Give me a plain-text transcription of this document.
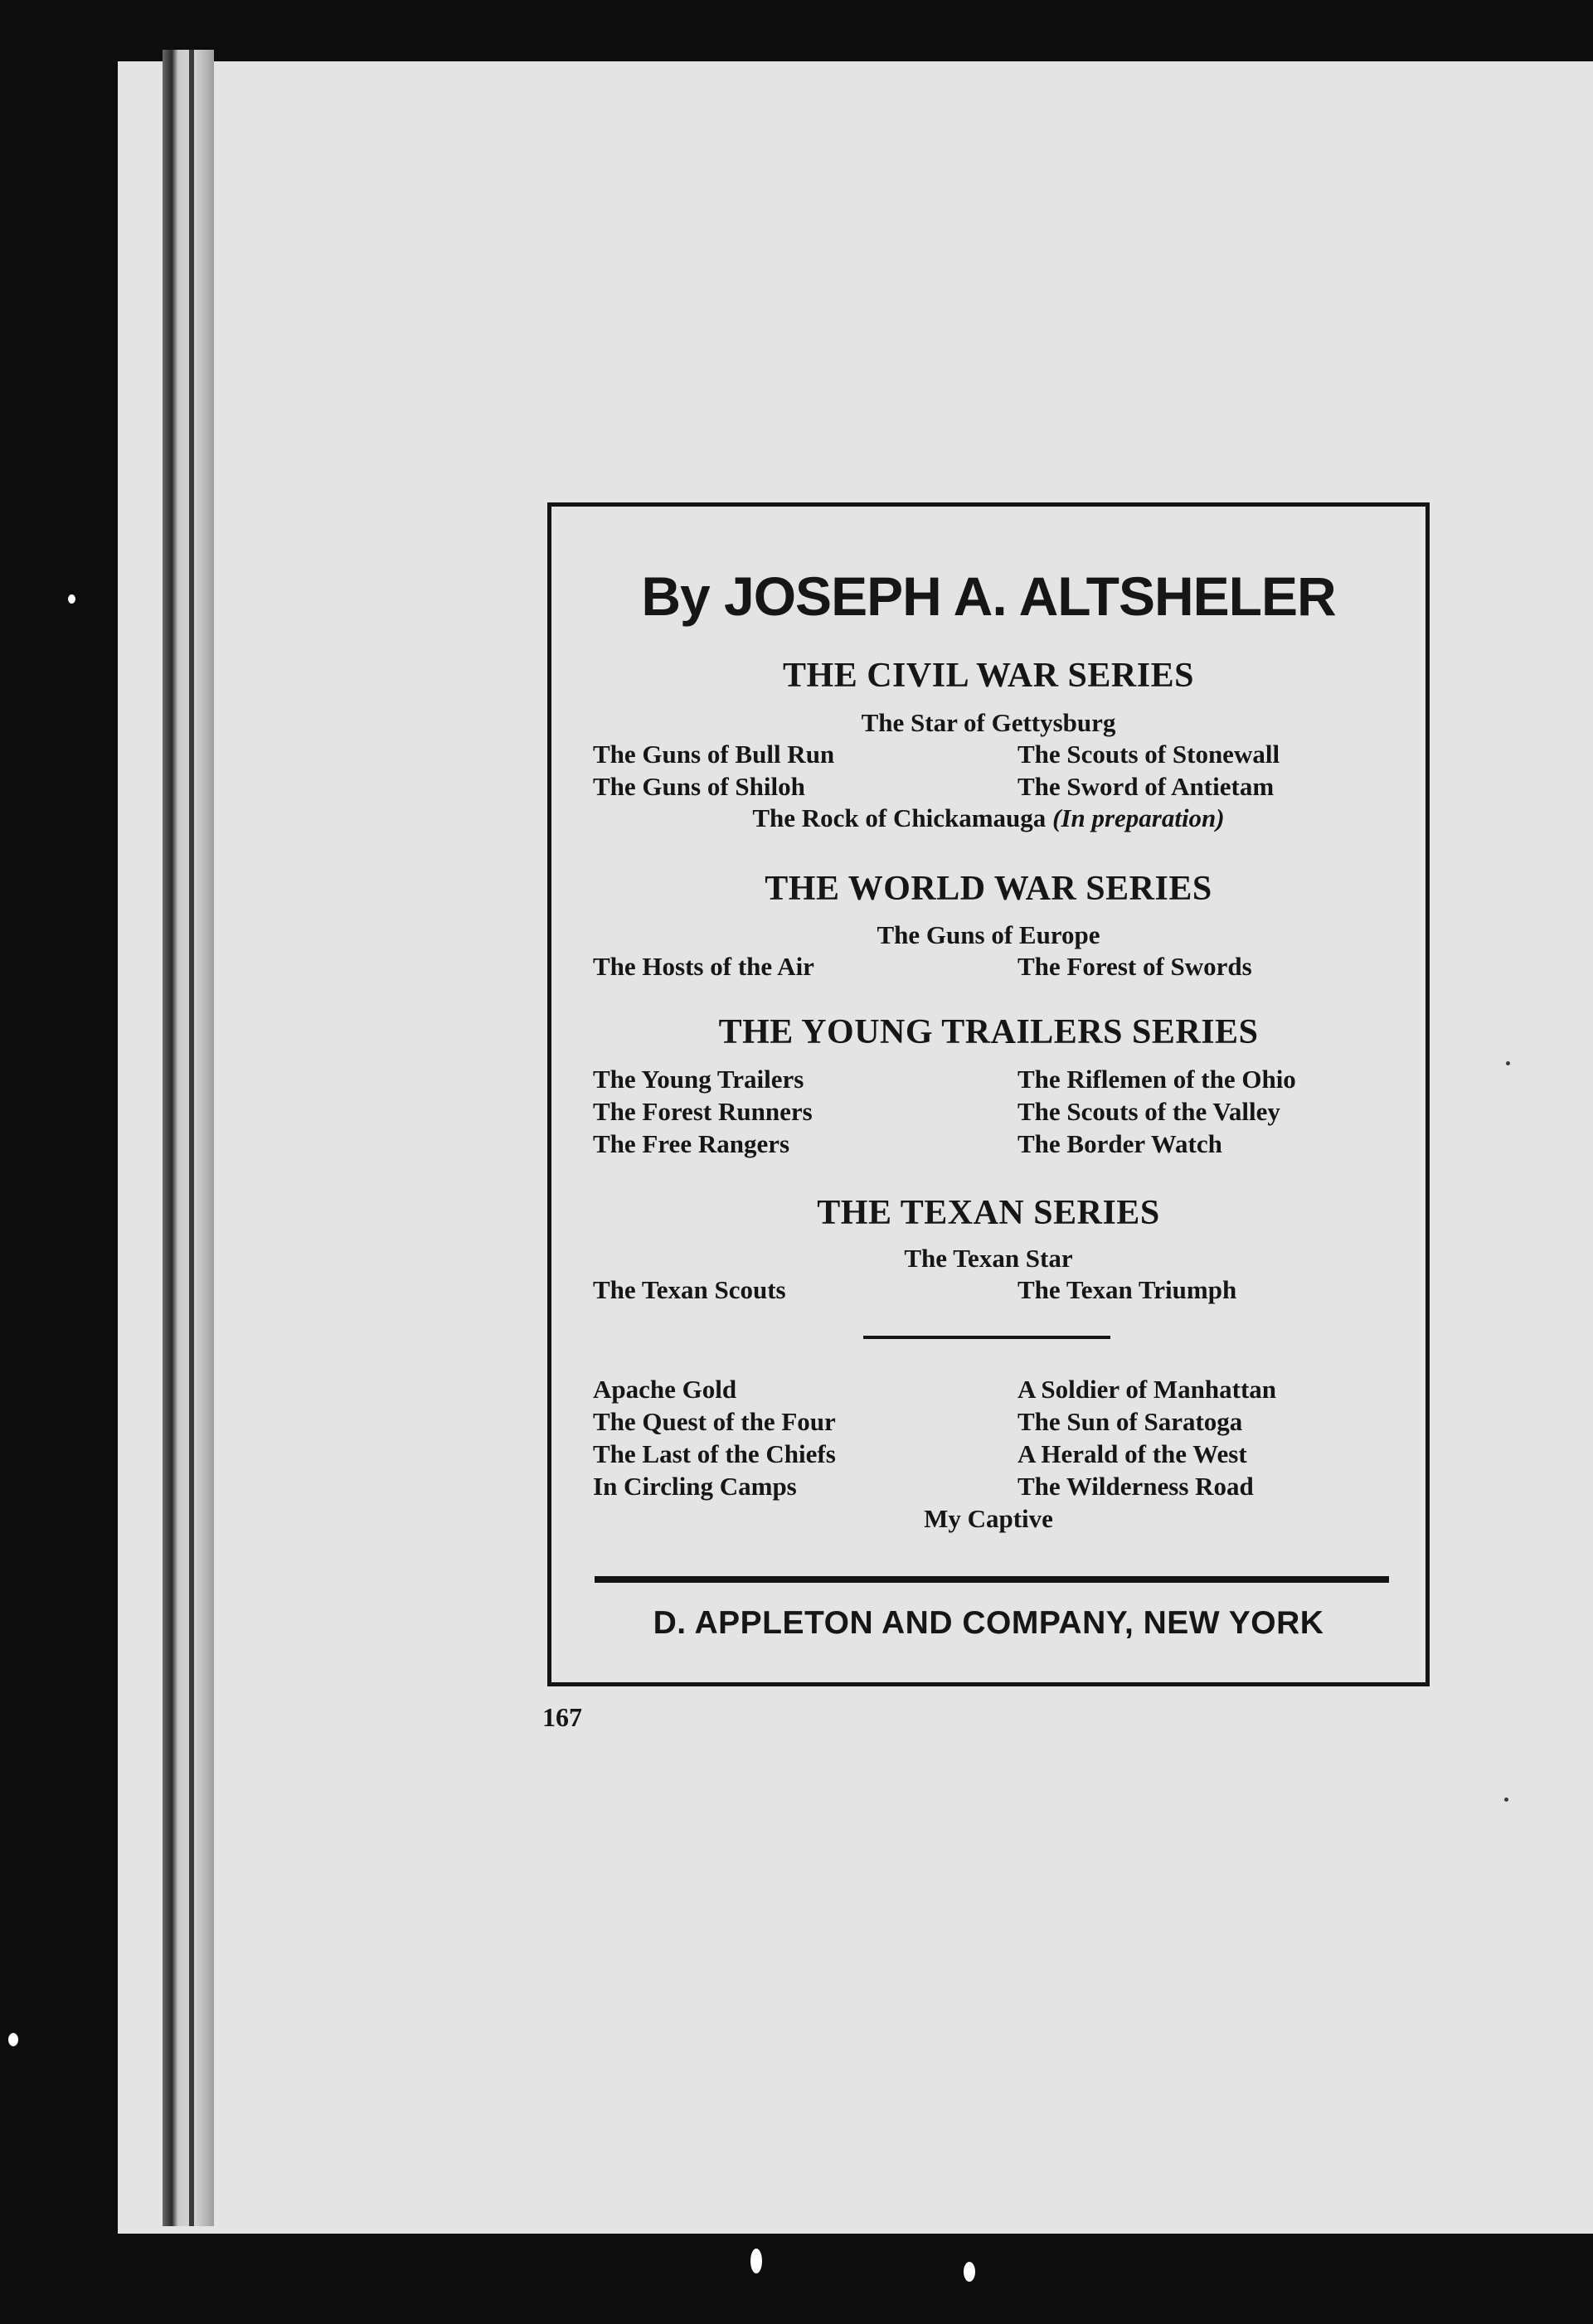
By JOSEPH A. ALTSHELER
THE CIVIL WAR SERIES
The Star of Gettysburg
The Guns of Bull Run	The Scouts of Stonewall
The Guns of Shiloh	The Sword of Antietam
The Rock of Chickamauga (In preparation)
THE WORLD WAR SERIES
The Guns of Europe
The Hosts of the Air	The Forest of Swords
THE YOUNG TRAILERS SERIES
The Young Trailers	The Riflemen of the Ohio
The Forest Runners	The Scouts of the Valley
The Free Rangers	The Border Watch
THE TEXAN SERIES
The Texan Star
The Texan Scouts	The Texan Triumph
Apache Gold	A Soldier of Manhattan
The Quest of the Four	The Sun of Saratoga
The Last of the Chiefs	A Herald of the West
In Circling Camps	The Wilderness Road
My Captive
D. APPLETON AND COMPANY, NEW YORK
167
